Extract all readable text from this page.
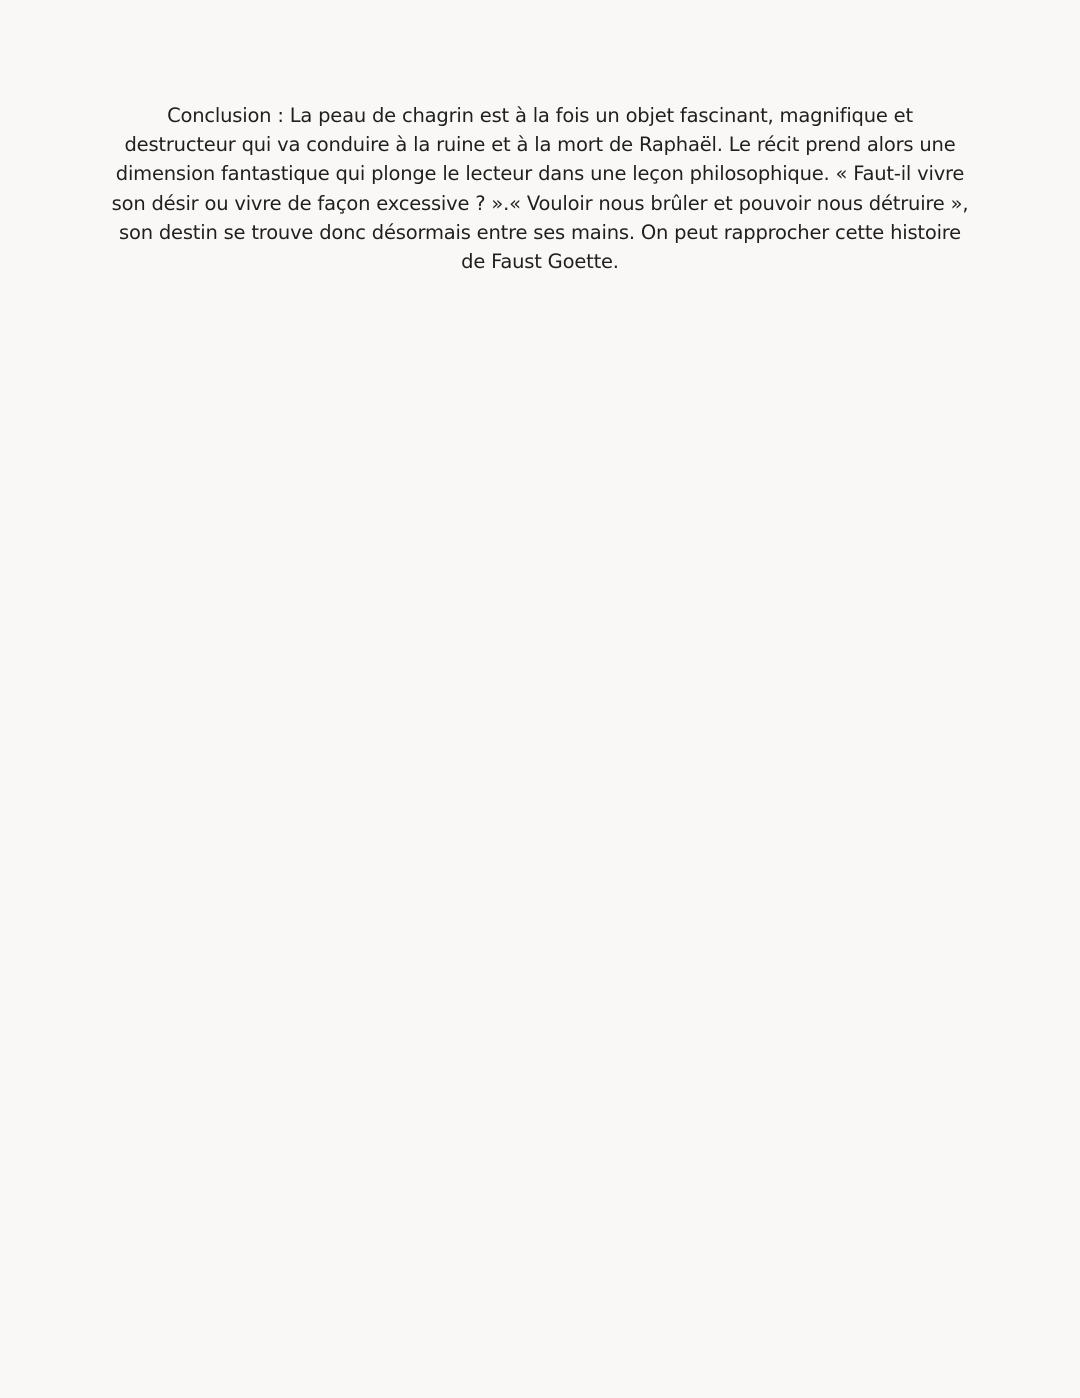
Conclusion : La peau de chagrin est à la fois un objet fascinant, magnifique et destructeur qui va conduire à la ruine et à la mort de Raphaël. Le récit prend alors une dimension fantastique qui plonge le lecteur dans une leçon philosophique. « Faut-il vivre son désir ou vivre de façon excessive ? ».« Vouloir nous brûler et pouvoir nous détruire », son destin se trouve donc désormais entre ses mains. On peut rapprocher cette histoire de Faust Goette.
